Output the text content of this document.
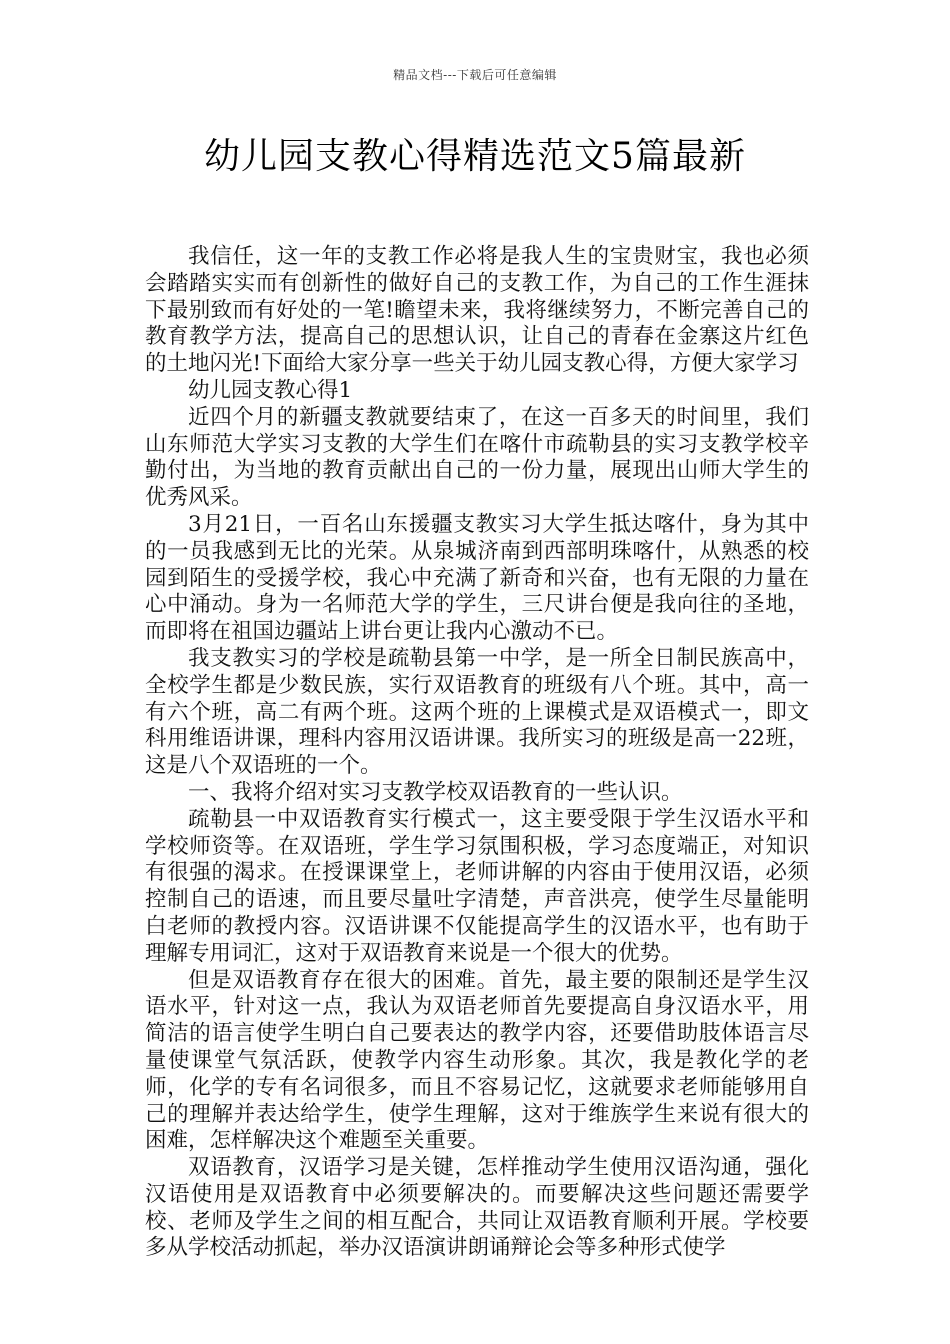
精品文档---下载后可任意编辑
幼儿园支教心得精选范文5篇最新

我信任，这一年的支教工作必将是我人生的宝贵财宝，我也必须会踏踏实实而有创新性的做好自己的支教工作，为自己的工作生涯抹下最别致而有好处的一笔!瞻望未来，我将继续努力，不断完善自己的教育教学方法，提高自己的思想认识，让自己的青春在金寨这片红色的土地闪光!下面给大家分享一些关于幼儿园支教心得，方便大家学习

幼儿园支教心得1

近四个月的新疆支教就要结束了，在这一百多天的时间里，我们山东师范大学实习支教的大学生们在喀什市疏勒县的实习支教学校辛勤付出，为当地的教育贡献出自己的一份力量，展现出山师大学生的优秀风采。

3月21日，一百名山东援疆支教实习大学生抵达喀什，身为其中的一员我感到无比的光荣。从泉城济南到西部明珠喀什，从熟悉的校园到陌生的受援学校，我心中充满了新奇和兴奋，也有无限的力量在心中涌动。身为一名师范大学的学生，三尺讲台便是我向往的圣地，而即将在祖国边疆站上讲台更让我内心激动不已。

我支教实习的学校是疏勒县第一中学，是一所全日制民族高中，全校学生都是少数民族，实行双语教育的班级有八个班。其中，高一有六个班，高二有两个班。这两个班的上课模式是双语模式一，即文科用维语讲课，理科内容用汉语讲课。我所实习的班级是高一22班，这是八个双语班的一个。

一、我将介绍对实习支教学校双语教育的一些认识。

疏勒县一中双语教育实行模式一，这主要受限于学生汉语水平和学校师资等。在双语班，学生学习氛围积极，学习态度端正，对知识有很强的渴求。在授课课堂上，老师讲解的内容由于使用汉语，必须控制自己的语速，而且要尽量吐字清楚，声音洪亮，使学生尽量能明白老师的教授内容。汉语讲课不仅能提高学生的汉语水平，也有助于理解专用词汇，这对于双语教育来说是一个很大的优势。

但是双语教育存在很大的困难。首先，最主要的限制还是学生汉语水平，针对这一点，我认为双语老师首先要提高自身汉语水平，用简洁的语言使学生明白自己要表达的教学内容，还要借助肢体语言尽量使课堂气氛活跃，使教学内容生动形象。其次，我是教化学的老师，化学的专有名词很多，而且不容易记忆，这就要求老师能够用自己的理解并表达给学生，使学生理解，这对于维族学生来说有很大的困难，怎样解决这个难题至关重要。

双语教育，汉语学习是关键，怎样推动学生使用汉语沟通，强化汉语使用是双语教育中必须要解决的。而要解决这些问题还需要学校、老师及学生之间的相互配合，共同让双语教育顺利开展。学校要多从学校活动抓起，举办汉语演讲朗诵辩论会等多种形式使学
